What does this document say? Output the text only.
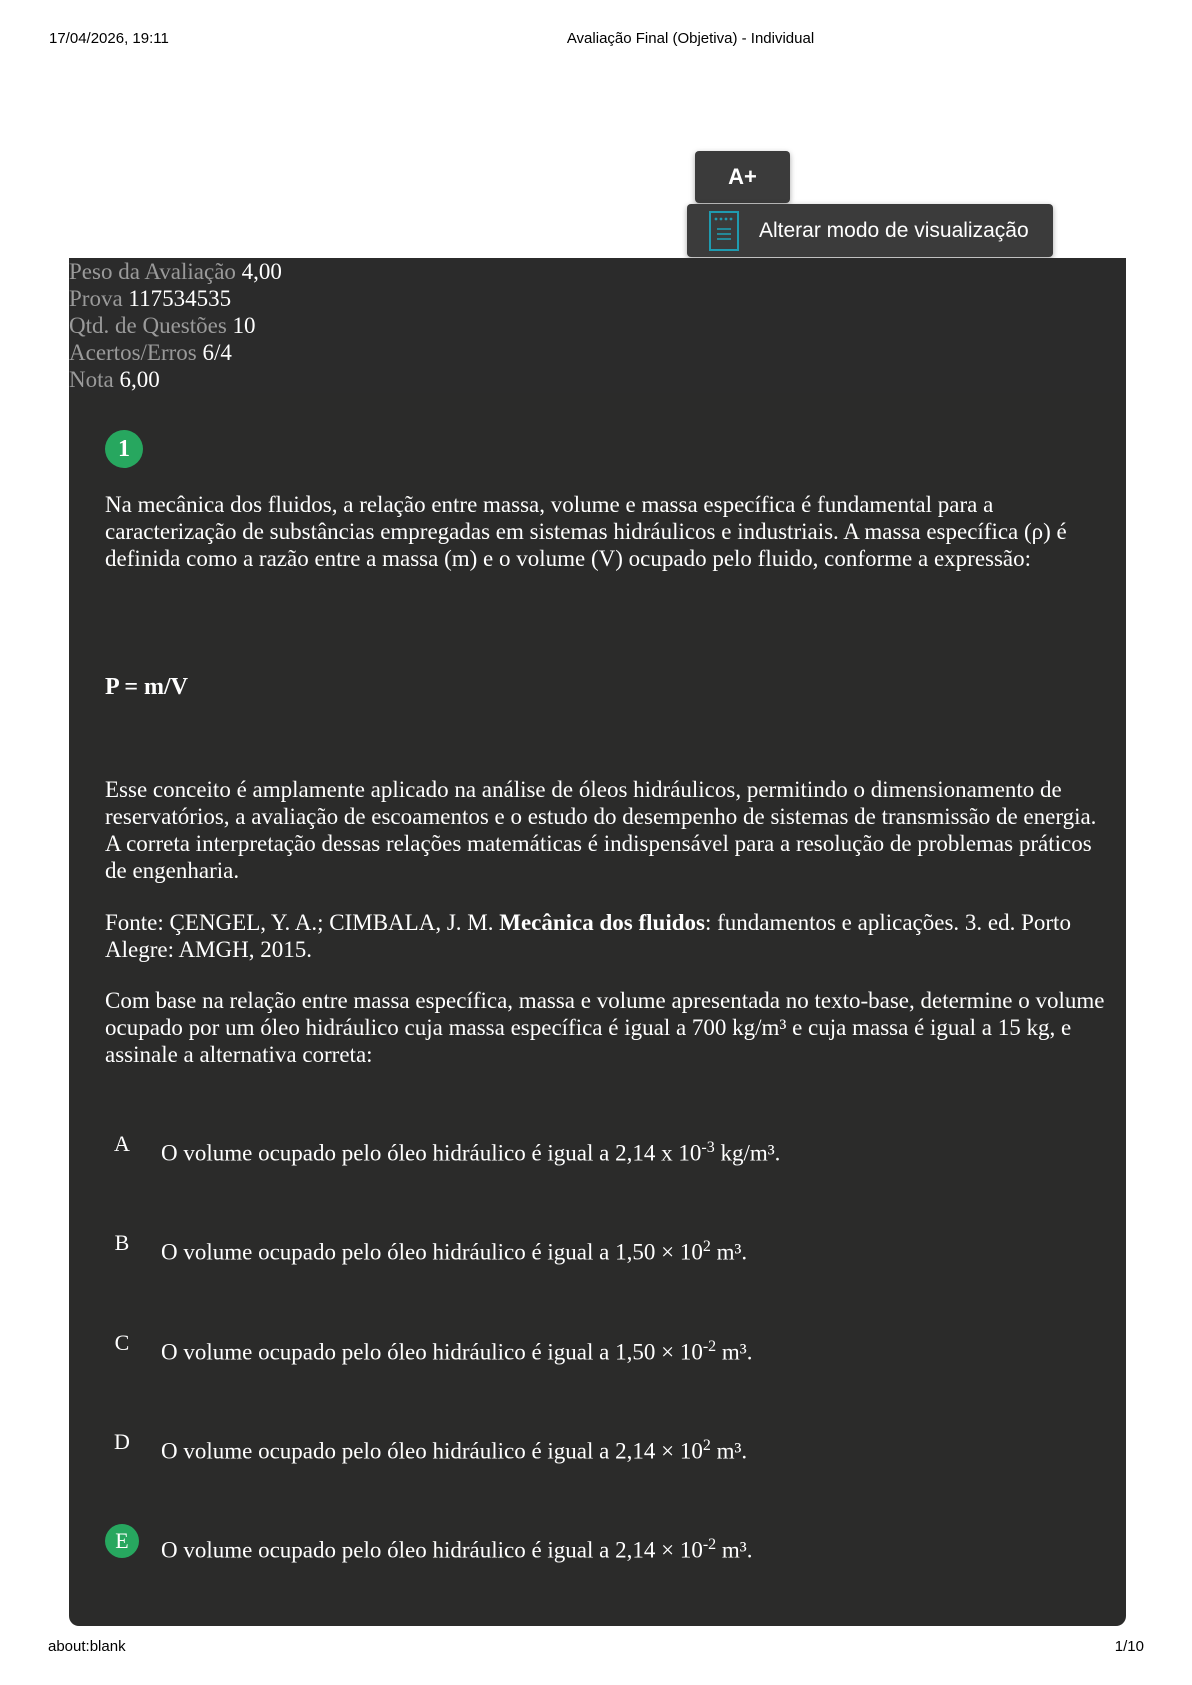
17/04/2026, 19:11	Avaliação Final (Objetiva) - Individual
A+
Alterar modo de visualização
Peso da Avaliação 4,00
Prova 117534535
Qtd. de Questões 10
Acertos/Erros 6/4
Nota 6,00
1
Na mecânica dos fluidos, a relação entre massa, volume e massa específica é fundamental para a caracterização de substâncias empregadas em sistemas hidráulicos e industriais. A massa específica (ρ) é definida como a razão entre a massa (m) e o volume (V) ocupado pelo fluido, conforme a expressão:
P = m/V
Esse conceito é amplamente aplicado na análise de óleos hidráulicos, permitindo o dimensionamento de reservatórios, a avaliação de escoamentos e o estudo do desempenho de sistemas de transmissão de energia. A correta interpretação dessas relações matemáticas é indispensável para a resolução de problemas práticos de engenharia.
Fonte: ÇENGEL, Y. A.; CIMBALA, J. M. Mecânica dos fluidos: fundamentos e aplicações. 3. ed. Porto Alegre: AMGH, 2015.
Com base na relação entre massa específica, massa e volume apresentada no texto-base, determine o volume ocupado por um óleo hidráulico cuja massa específica é igual a 700 kg/m³ e cuja massa é igual a 15 kg, e assinale a alternativa correta:
A	O volume ocupado pelo óleo hidráulico é igual a 2,14 x $10^{-3}$ kg/m³.
B	O volume ocupado pelo óleo hidráulico é igual a $1,50 \times 10^2$ m³.
C	O volume ocupado pelo óleo hidráulico é igual a $1,50 \times 10^{-2}$ m³.
D	O volume ocupado pelo óleo hidráulico é igual a $2,14 \times 10^2$ m³.
E	O volume ocupado pelo óleo hidráulico é igual a $2,14 \times 10^{-2}$ m³.
about:blank	1/10
